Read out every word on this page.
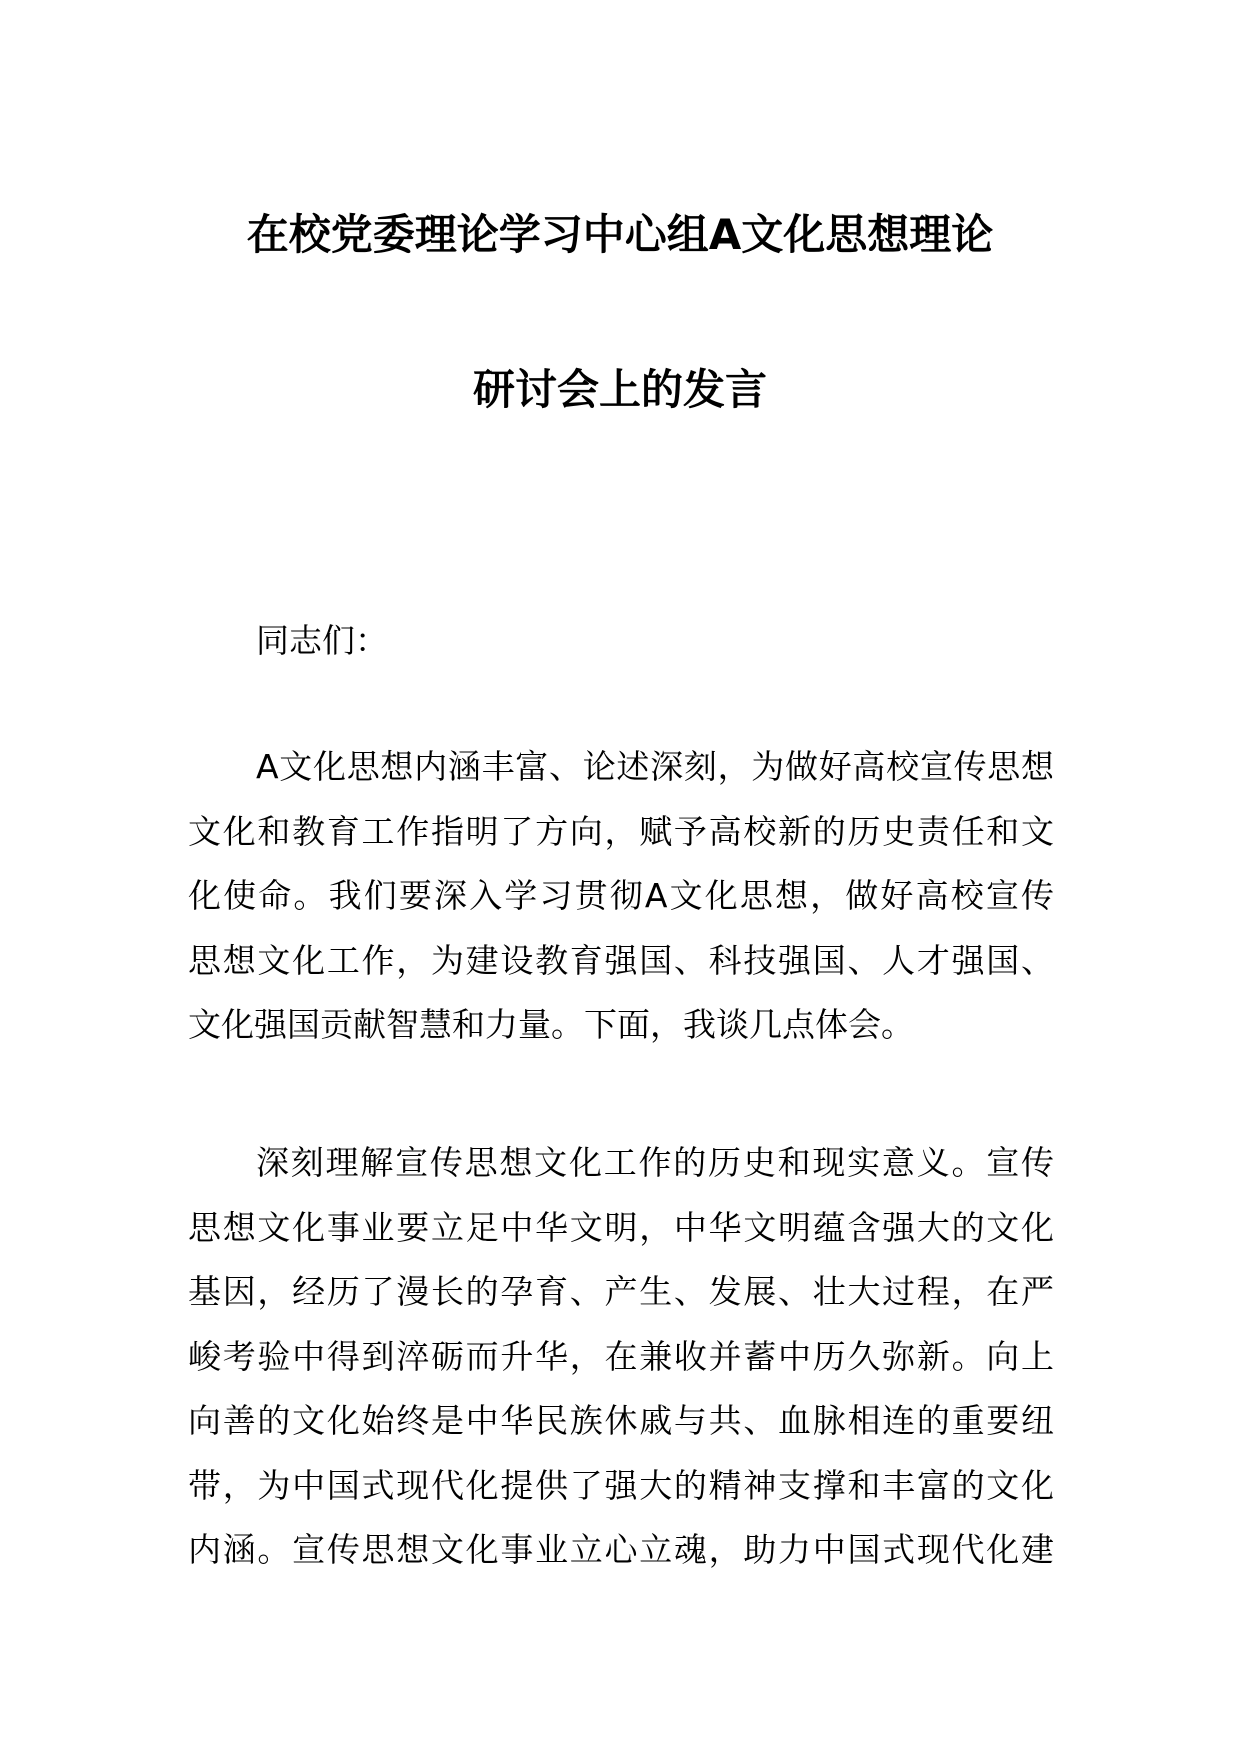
在校党委理论学习中心组A文化思想理论
研讨会上的发言
同志们：
A文化思想内涵丰富、论述深刻，为做好高校宣传思想
文化和教育工作指明了方向，赋予高校新的历史责任和文
化使命。我们要深入学习贯彻A文化思想，做好高校宣传
思想文化工作，为建设教育强国、科技强国、人才强国、
文化强国贡献智慧和力量。下面，我谈几点体会。
深刻理解宣传思想文化工作的历史和现实意义。宣传
思想文化事业要立足中华文明，中华文明蕴含强大的文化
基因，经历了漫长的孕育、产生、发展、壮大过程，在严
峻考验中得到淬砺而升华，在兼收并蓄中历久弥新。向上
向善的文化始终是中华民族休戚与共、血脉相连的重要纽
带，为中国式现代化提供了强大的精神支撑和丰富的文化
内涵。宣传思想文化事业立心立魂，助力中国式现代化建
